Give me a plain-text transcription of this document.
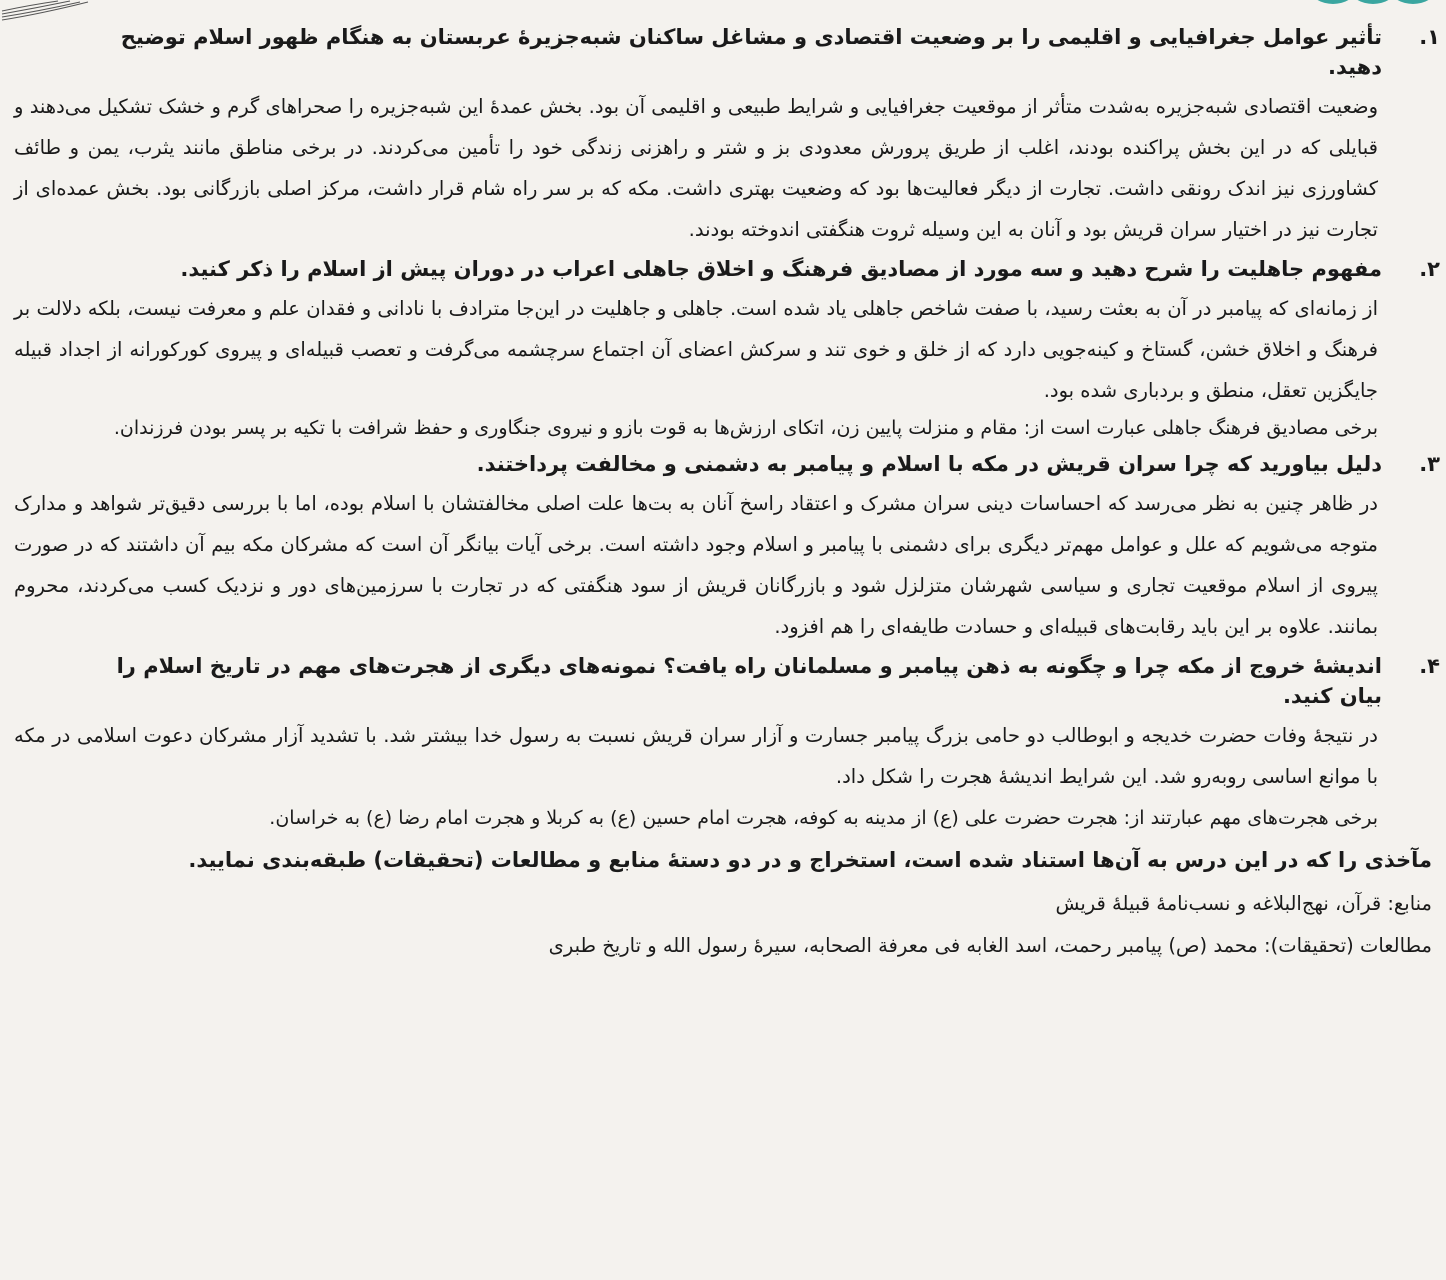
۱.
تأثیر عوامل جغرافیایی و اقلیمی را بر وضعیت اقتصادی و مشاغل ساکنان شبه‌جزیرهٔ عربستان به هنگام ظهور اسلام توضیح دهید.

وضعیت اقتصادی شبه‌جزیره به‌شدت متأثر از موقعیت جغرافیایی و شرایط طبیعی و اقلیمی آن بود. بخش عمدهٔ این شبه‌جزیره را صحراهای گرم و خشک تشکیل می‌دهند و قبایلی که در این بخش پراکنده بودند، اغلب از طریق پرورش معدودی بز و شتر و راهزنی زندگی خود را تأمین می‌کردند. در برخی مناطق مانند یثرب، یمن و طائف کشاورزی نیز اندک رونقی داشت. تجارت از دیگر فعالیت‌ها بود که وضعیت بهتری داشت. مکه که بر سر راه شام قرار داشت، مرکز اصلی بازرگانی بود. بخش عمده‌ای از تجارت نیز در اختیار سران قریش بود و آنان به این وسیله ثروت هنگفتی اندوخته بودند.

۲.
مفهوم جاهلیت را شرح دهید و سه مورد از مصادیق فرهنگ و اخلاق جاهلی اعراب در دوران پیش از اسلام را ذکر کنید.

از زمانه‌ای که پیامبر در آن به بعثت رسید، با صفت شاخص جاهلی یاد شده است. جاهلی و جاهلیت در این‌جا مترادف با نادانی و فقدان علم و معرفت نیست، بلکه دلالت بر فرهنگ و اخلاق خشن، گستاخ و کینه‌جویی دارد که از خلق و خوی تند و سرکش اعضای آن اجتماع سرچشمه می‌گرفت و تعصب قبیله‌ای و پیروی کورکورانه از اجداد قبیله جایگزین تعقل، منطق و بردباری شده بود.

برخی مصادیق فرهنگ جاهلی عبارت است از: مقام و منزلت پایین زن، اتکای ارزش‌ها به قوت بازو و نیروی جنگاوری و حفظ شرافت با تکیه بر پسر بودن فرزندان.

۳.
دلیل بیاورید که چرا سران قریش در مکه با اسلام و پیامبر به دشمنی و مخالفت پرداختند.

در ظاهر چنین به نظر می‌رسد که احساسات دینی سران مشرک و اعتقاد راسخ آنان به بت‌ها علت اصلی مخالفتشان با اسلام بوده، اما با بررسی دقیق‌تر شواهد و مدارک متوجه می‌شویم که علل و عوامل مهم‌تر دیگری برای دشمنی با پیامبر و اسلام وجود داشته است. برخی آیات بیانگر آن است که مشرکان مکه بیم آن داشتند که در صورت پیروی از اسلام موقعیت تجاری و سیاسی شهرشان متزلزل شود و بازرگانان قریش از سود هنگفتی که در تجارت با سرزمین‌های دور و نزدیک کسب می‌کردند، محروم بمانند. علاوه بر این باید رقابت‌های قبیله‌ای و حسادت طایفه‌ای را هم افزود.

۴.
اندیشهٔ خروج از مکه چرا و چگونه به ذهن پیامبر و مسلمانان راه یافت؟ نمونه‌های دیگری از هجرت‌های مهم در تاریخ اسلام را بیان کنید.

در نتیجهٔ وفات حضرت خدیجه و ابوطالب دو حامی بزرگ پیامبر جسارت و آزار سران قریش نسبت به رسول خدا بیشتر شد. با تشدید آزار مشرکان دعوت اسلامی در مکه با موانع اساسی روبه‌رو شد. این شرایط اندیشهٔ هجرت را شکل داد.

برخی هجرت‌های مهم عبارتند از: هجرت حضرت علی (ع) از مدینه به کوفه، هجرت امام حسین (ع) به کربلا و هجرت امام رضا (ع) به خراسان.

مآخذی را که در این درس به آن‌ها استناد شده است، استخراج و در دو دستهٔ منابع و مطالعات (تحقیقات) طبقه‌بندی نمایید.

منابع: قرآن، نهج‌البلاغه و نسب‌نامهٔ قبیلهٔ قریش

مطالعات (تحقیقات): محمد (ص) پیامبر رحمت، اسد الغابه فی معرفة الصحابه، سیرهٔ رسول الله و تاریخ طبری
